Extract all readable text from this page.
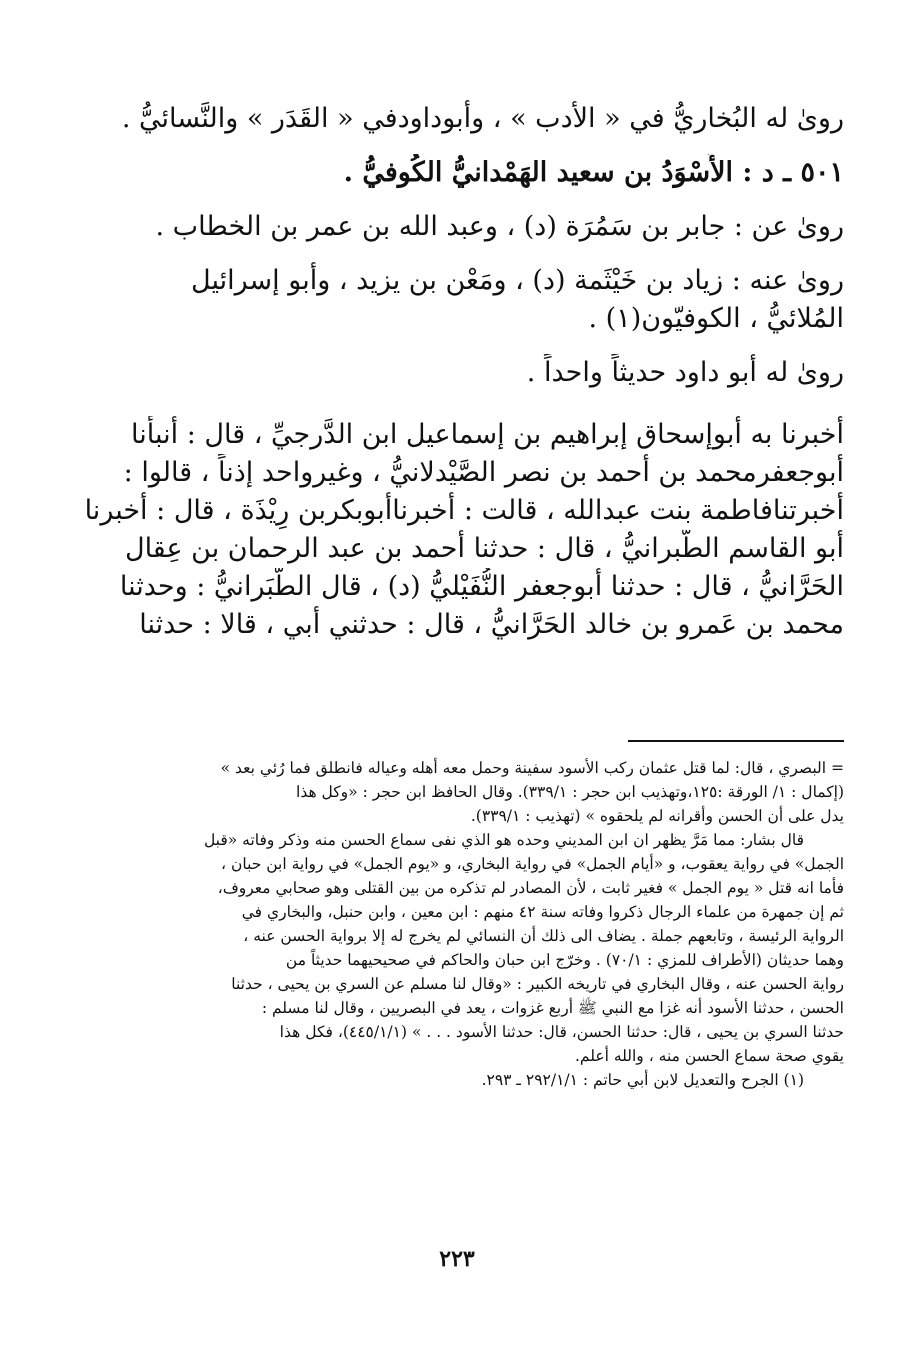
روىٰ له البُخاريُّ في « الأدب » ، وأبوداودفي « القَدَر » والنَّسائيُّ .
٥٠١ ـ د : الأَسْوَدُ بن سعيد الهَمْدانيُّ الكُوفيُّ .
روىٰ عن : جابر بن سَمُرَة (د) ، وعبد الله بن عمر بن الخطاب .
روىٰ عنه : زياد بن خَيْثَمة (د) ، ومَعْن بن يزيد ، وأبو إسرائيل
المُلائيُّ ، الكوفيّون(١) .
روىٰ له أبو داود حديثاً واحداً .
أخبرنا به أبوإسحاق إبراهيم بن إسماعيل ابن الدَّرجيِّ ، قال : أنبأنا
أبوجعفرمحمد بن أحمد بن نصر الصَّيْدلانيُّ ، وغيرواحد إذناً ، قالوا :
أخبرتنافاطمة بنت عبدالله ، قالت : أخبرناأبوبكربن رِيْذَة ، قال : أخبرنا
أبو القاسم الطَّبرانيُّ ، قال : حدثنا أحمد بن عبد الرحمان بن عِقال
الحَرَّانيُّ ، قال : حدثنا أبوجعفر النُّفَيْليُّ (د) ، قال الطَّبَرانيُّ : وحدثنا
محمد بن عَمرو بن خالد الحَرَّانيُّ ، قال : حدثني أبي ، قالا : حدثنا
= البصري ، قال: لما قتل عثمان ركب الأسود سفينة وحمل معه أهله وعياله فانطلق فما رُئي بعد »
(إكمال : ١/ الورقة :١٢٥،وتهذيب ابن حجر : ٣٣٩/١). وقال الحافظ ابن حجر : «وكل هذا
يدل على أن الحسن وأقرانه لم يلحقوه » (تهذيب : ٣٣٩/١).
قال بشار: مما مَرَّ يظهر ان ابن المديني وحده هو الذي نفى سماع الحسن منه وذكر وفاته «قبل
الجمل» في رواية يعقوب، و «أيام الجمل» في رواية البخاري، و «يوم الجمل» في رواية ابن حبان ،
فأما انه قتل « يوم الجمل » فغير ثابت ، لأن المصادر لم تذكره من بين القتلى وهو صحابي معروف،
ثم إن جمهرة من علماء الرجال ذكروا وفاته سنة ٤٢ منهم : ابن معين ، وابن حنبل، والبخاري في
الرواية الرئيسة ، وتابعهم جملة . يضاف الى ذلك أن النسائي لم يخرج له إلا برواية الحسن عنه ،
وهما حديثان (الأطراف للمزي : ٧٠/١) . وخرّج ابن حبان والحاكم في صحيحيهما حديثاً من
رواية الحسن عنه ، وقال البخاري في تاريخه الكبير : «وقال لنا مسلم عن السري بن يحيى ، حدثنا
الحسن ، حدثنا الأسود أنه غزا مع النبي ﷺ أربع غزوات ، يعد في البصريين ، وقال لنا مسلم :
حدثنا السري بن يحيى ، قال: حدثنا الحسن، قال: حدثنا الأسود . . . » (٤٤٥/١/١)، فكل هذا
يقوي صحة سماع الحسن منه ، والله أعلم.
(١) الجرح والتعديل لابن أبي حاتم : ٢٩٢/١/١ ـ ٢٩٣.
٢٢٣
